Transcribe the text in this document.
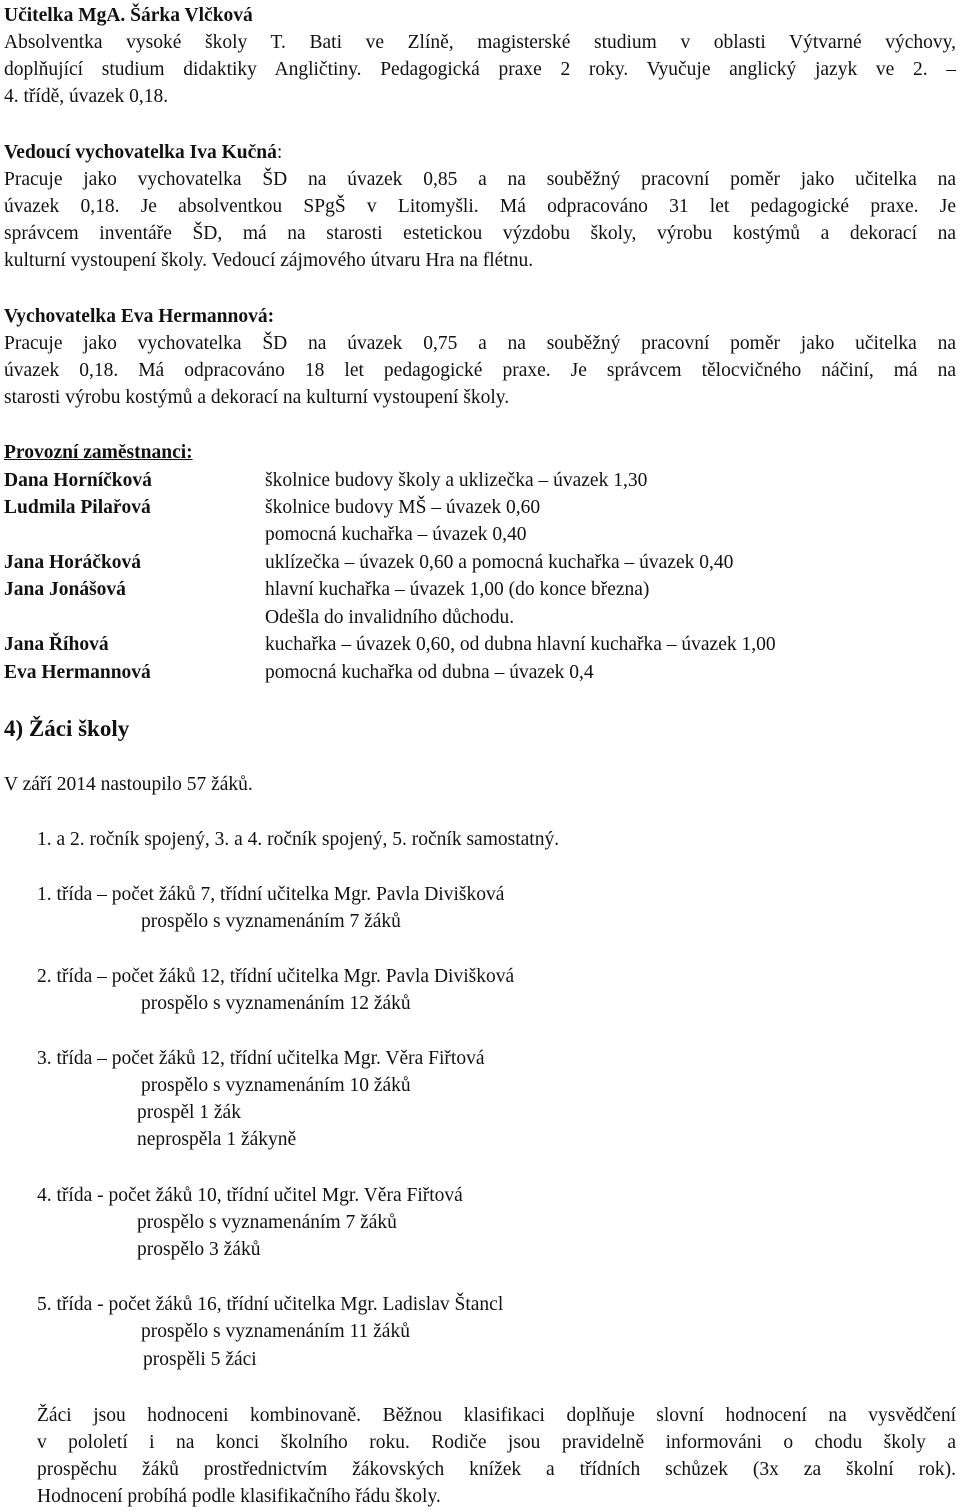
Učitelka MgA. Šárka Vlčková
Absolventka vysoké školy T. Bati ve Zlíně, magisterské studium v oblasti Výtvarné výchovy,
doplňující studium didaktiky Angličtiny. Pedagogická praxe 2 roky. Vyučuje anglický jazyk ve 2. –
4. třídě, úvazek 0,18.
Vedoucí vychovatelka Iva Kučná:
Pracuje jako vychovatelka ŠD na úvazek 0,85 a na souběžný pracovní poměr jako učitelka na
úvazek 0,18. Je absolventkou SPgŠ v Litomyšli. Má odpracováno 31 let pedagogické praxe. Je
správcem inventáře ŠD, má na starosti estetickou výzdobu školy, výrobu kostýmů a dekorací na
kulturní vystoupení školy. Vedoucí zájmového útvaru Hra na flétnu.
Vychovatelka Eva Hermannová:
Pracuje jako vychovatelka ŠD na úvazek 0,75 a na souběžný pracovní poměr jako učitelka na
úvazek 0,18. Má odpracováno 18 let pedagogické praxe. Je správcem tělocvičného náčiní, má na
starosti výrobu kostýmů a dekorací na kulturní vystoupení školy.
Provozní zaměstnanci:
Dana Horníčková	školnice budovy školy a uklizečka – úvazek 1,30
Ludmila Pilařová	školnice budovy MŠ – úvazek 0,60
pomocná kuchařka – úvazek 0,40
Jana Horáčková	uklízečka – úvazek 0,60 a pomocná kuchařka – úvazek 0,40
Jana Jonášová	hlavní kuchařka – úvazek 1,00 (do konce března)
Odešla do invalidního důchodu.
Jana Říhová	kuchařka – úvazek 0,60, od dubna hlavní kuchařka – úvazek 1,00
Eva Hermannová	pomocná kuchařka od dubna – úvazek 0,4
4) Žáci školy
V září 2014 nastoupilo 57 žáků.
1. a 2. ročník spojený, 3. a 4. ročník spojený, 5. ročník samostatný.
1. třída – počet žáků 7, třídní učitelka Mgr. Pavla Divišková
prospělo s vyznamenáním 7 žáků
2. třída – počet žáků 12, třídní učitelka Mgr. Pavla Divišková
prospělo s vyznamenáním 12 žáků
3. třída – počet žáků 12, třídní učitelka Mgr. Věra Fiřtová
prospělo s vyznamenáním 10 žáků
prospěl 1 žák
neprospěla 1 žákyně
4. třída - počet žáků 10, třídní učitel Mgr. Věra Fiřtová
prospělo s vyznamenáním 7 žáků
prospělo 3 žáků
5. třída - počet žáků 16, třídní učitelka Mgr. Ladislav Štancl
prospělo s vyznamenáním 11 žáků
prospěli 5 žáci
Žáci jsou hodnoceni kombinovaně. Běžnou klasifikaci doplňuje slovní hodnocení na vysvědčení
v pololetí i na konci školního roku. Rodiče jsou pravidelně informováni o chodu školy a
prospěchu žáků prostřednictvím žákovských knížek a třídních schůzek (3x za školní rok).
Hodnocení probíhá podle klasifikačního řádu školy.
